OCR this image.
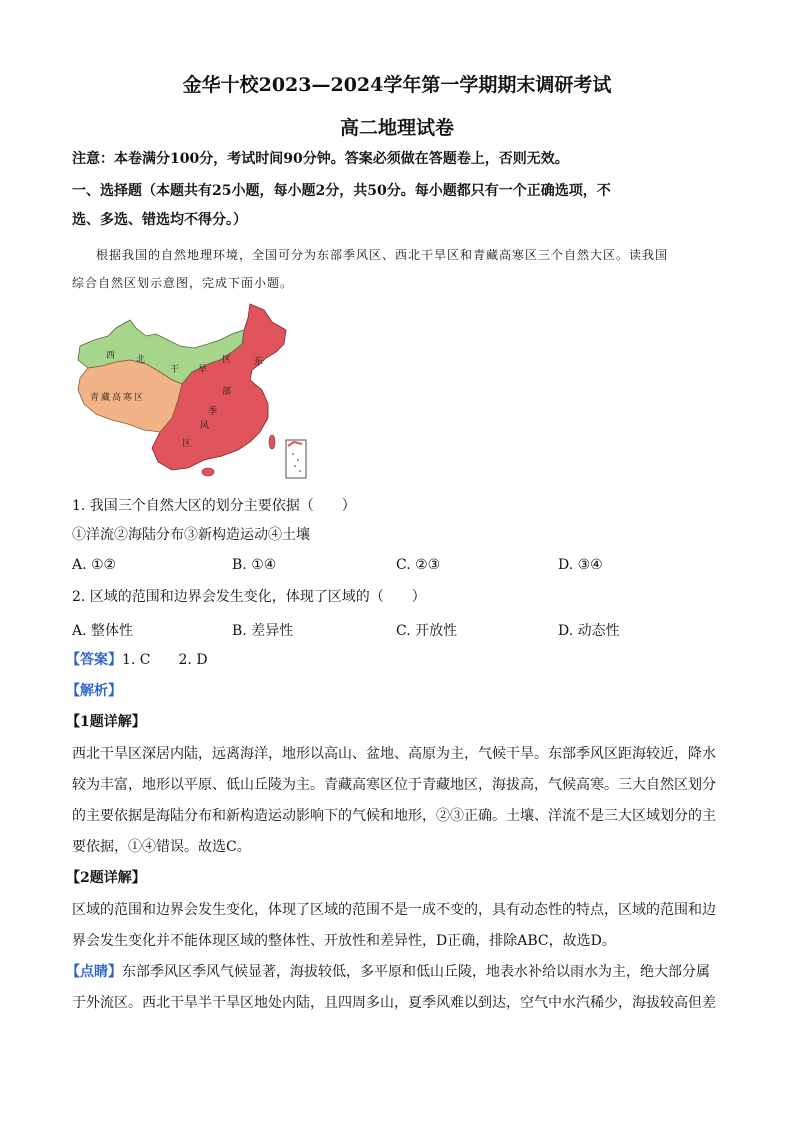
金华十校2023—2024学年第一学期期末调研考试
高二地理试卷
注意：本卷满分100分，考试时间90分钟。答案必须做在答题卷上，否则无效。
一、选择题（本题共有25小题，每小题2分，共50分。每小题都只有一个正确选项，不
选、多选、错选均不得分。）
根据我国的自然地理环境，全国可分为东部季风区、西北干旱区和青藏高寒区三个自然大区。读我国
综合自然区划示意图，完成下面小题。
西 北
干 旱
区	东
部
季
风
区
青藏高寒区
1. 我国三个自然大区的划分主要依据（　　）
①洋流②海陆分布③新构造运动④土壤
A. ①②	B. ①④	C. ②③	D. ③④
2. 区域的范围和边界会发生变化，体现了区域的（　　）
A. 整体性	B. 差异性	C. 开放性	D. 动态性
【答案】1. C　　2. D
【解析】
【1题详解】
西北干旱区深居内陆，远离海洋，地形以高山、盆地、高原为主，气候干旱。东部季风区距海较近，降水
较为丰富，地形以平原、低山丘陵为主。青藏高寒区位于青藏地区，海拔高，气候高寒。三大自然区划分
的主要依据是海陆分布和新构造运动影响下的气候和地形，②③正确。土壤、洋流不是三大区域划分的主
要依据，①④错误。故选C。
【2题详解】
区域的范围和边界会发生变化，体现了区域的范围不是一成不变的，具有动态性的特点，区域的范围和边
界会发生变化并不能体现区域的整体性、开放性和差异性，D正确，排除ABC，故选D。
【点睛】东部季风区季风气候显著，海拔较低，多平原和低山丘陵，地表水补给以雨水为主，绝大部分属
于外流区。西北干旱半干旱区地处内陆，且四周多山，夏季风难以到达，空气中水汽稀少，海拔较高但差
